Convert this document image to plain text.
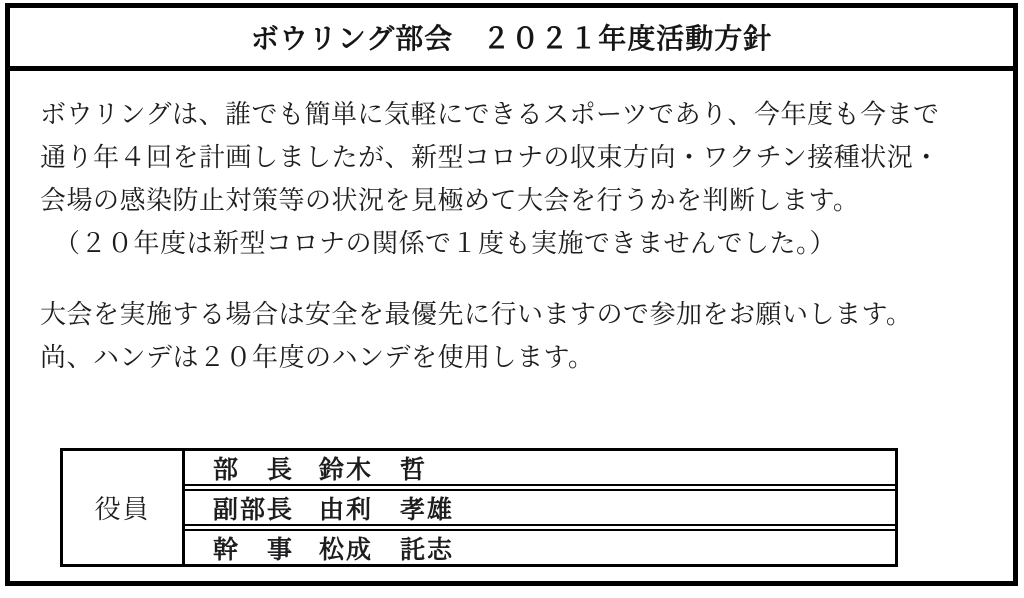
ボウリング部会　２０２１年度活動方針
ボウリングは、誰でも簡単に気軽にできるスポーツであり、今年度も今まで
通り年４回を計画しましたが、新型コロナの収束方向・ワクチン接種状況・
会場の感染防止対策等の状況を見極めて大会を行うかを判断します。
（２０年度は新型コロナの関係で１度も実施できませんでした。）
大会を実施する場合は安全を最優先に行いますので参加をお願いします。
尚、ハンデは２０年度のハンデを使用します。
役員
部　長 鈴木　哲
副部長 由利　孝雄
幹　事 松成　託志
